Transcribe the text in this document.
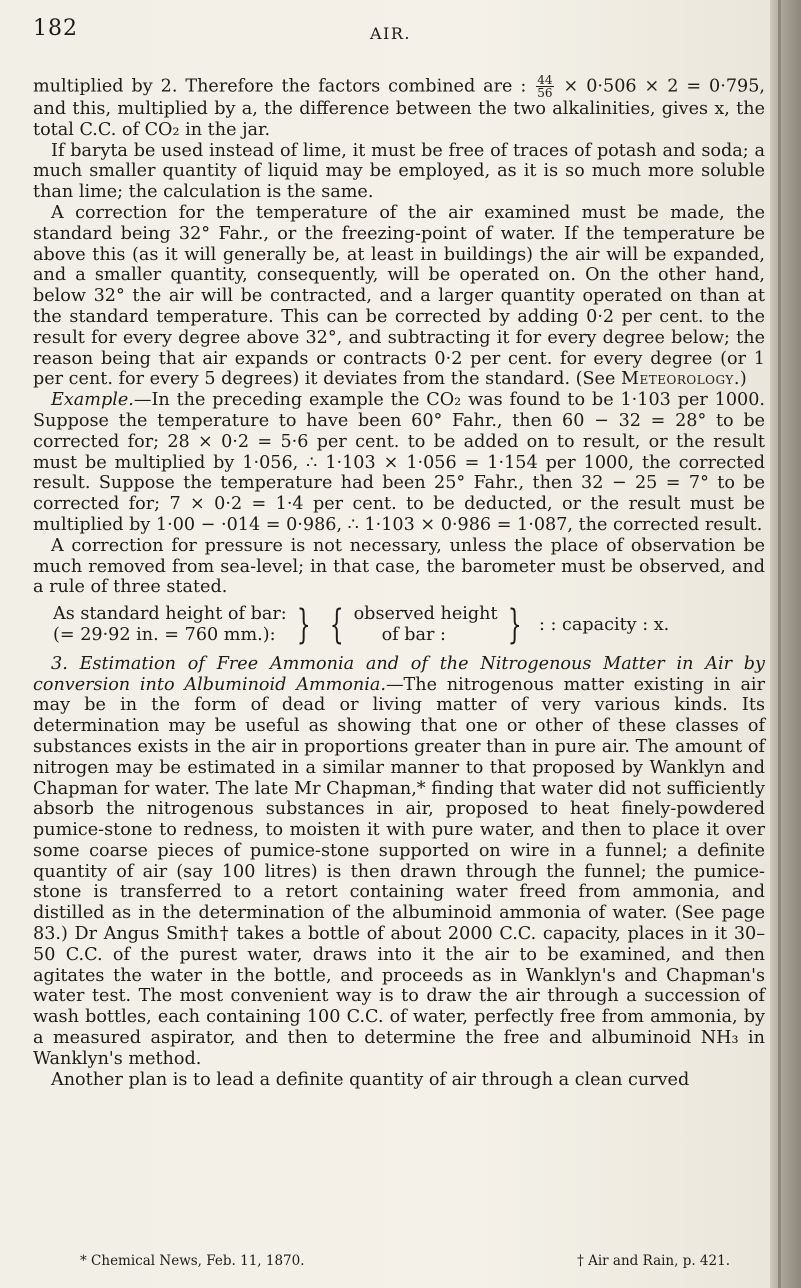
182	AIR.

multiplied by 2. Therefore the factors combined are : $\frac{44}{56} \times 0\cdot 506 \times 2 = 0\cdot 795$, and this, multiplied by a, the difference between the two alkalinities, gives x, the total C.C. of CO₂ in the jar.

If baryta be used instead of lime, it must be free of traces of potash and soda; a much smaller quantity of liquid may be employed, as it is so much more soluble than lime; the calculation is the same.

A correction for the temperature of the air examined must be made, the standard being 32° Fahr., or the freezing-point of water. If the temperature be above this (as it will generally be, at least in buildings) the air will be expanded, and a smaller quantity, consequently, will be operated on. On the other hand, below 32° the air will be contracted, and a larger quantity operated on than at the standard temperature. This can be corrected by adding 0·2 per cent. to the result for every degree above 32°, and subtracting it for every degree below; the reason being that air expands or contracts 0·2 per cent. for every degree (or 1 per cent. for every 5 degrees) it deviates from the standard. (See Meteorology.)

Example.—In the preceding example the CO₂ was found to be 1·103 per 1000. Suppose the temperature to have been 60° Fahr., then 60 − 32 = 28° to be corrected for; 28 × 0·2 = 5·6 per cent. to be added on to result, or the result must be multiplied by 1·056, ∴ 1·103 × 1·056 = 1·154 per 1000, the corrected result. Suppose the temperature had been 25° Fahr., then 32 − 25 = 7° to be corrected for; 7 × 0·2 = 1·4 per cent. to be deducted, or the result must be multiplied by 1·00 − ·014 = 0·986, ∴ 1·103 × 0·986 = 1·087, the corrected result.

A correction for pressure is not necessary, unless the place of observation be much removed from sea-level; in that case, the barometer must be observed, and a rule of three stated.

As standard height of bar:
(= 29·92 in. = 760 mm.): } { observed height
of bar :	} : : capacity : x.

3. Estimation of Free Ammonia and of the Nitrogenous Matter in Air by conversion into Albuminoid Ammonia.—The nitrogenous matter existing in air may be in the form of dead or living matter of very various kinds. Its determination may be useful as showing that one or other of these classes of substances exists in the air in proportions greater than in pure air. The amount of nitrogen may be estimated in a similar manner to that proposed by Wanklyn and Chapman for water. The late Mr Chapman,* finding that water did not sufficiently absorb the nitrogenous substances in air, proposed to heat finely-powdered pumice-stone to redness, to moisten it with pure water, and then to place it over some coarse pieces of pumice-stone supported on wire in a funnel; a definite quantity of air (say 100 litres) is then drawn through the funnel; the pumice-stone is transferred to a retort containing water freed from ammonia, and distilled as in the determination of the albuminoid ammonia of water. (See page 83.) Dr Angus Smith† takes a bottle of about 2000 C.C. capacity, places in it 30–50 C.C. of the purest water, draws into it the air to be examined, and then agitates the water in the bottle, and proceeds as in Wanklyn's and Chapman's water test. The most convenient way is to draw the air through a succession of wash bottles, each containing 100 C.C. of water, perfectly free from ammonia, by a measured aspirator, and then to determine the free and albuminoid NH₃ in Wanklyn's method.

Another plan is to lead a definite quantity of air through a clean curved

* Chemical News, Feb. 11, 1870.	† Air and Rain, p. 421.
